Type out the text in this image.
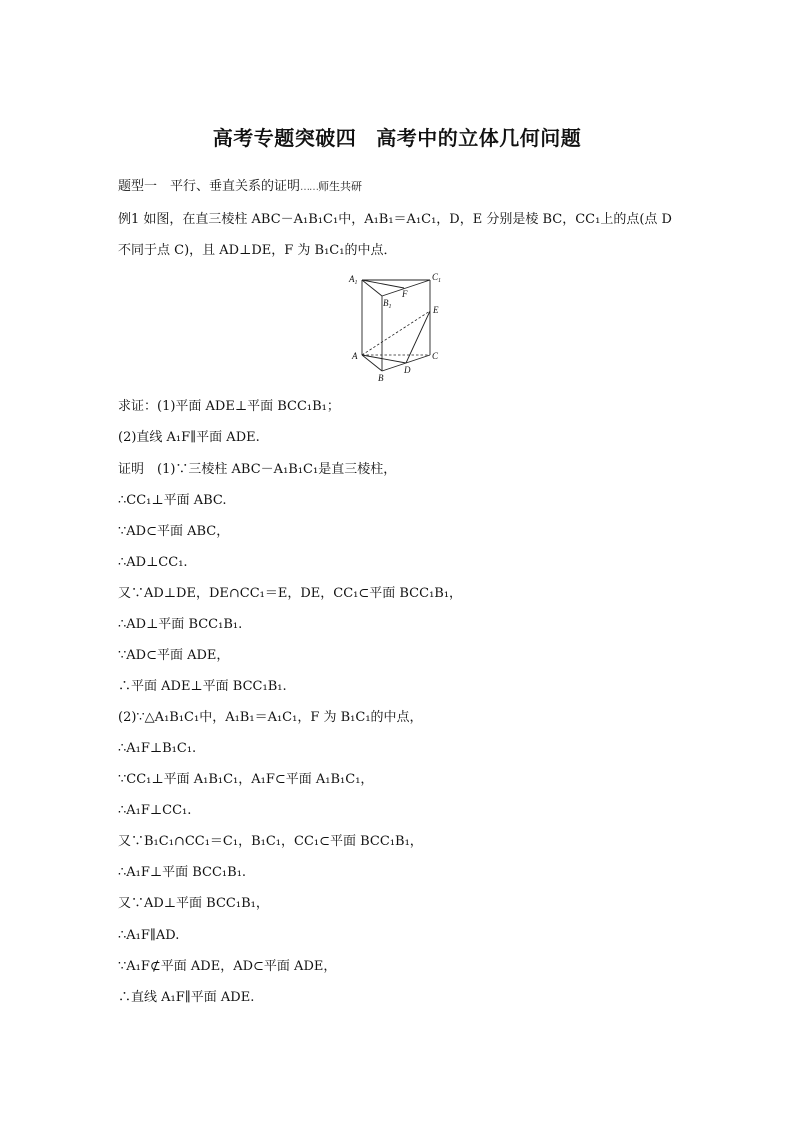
高考专题突破四 高考中的立体几何问题
题型一　平行、垂直关系的证明……师生共研
例1 如图，在直三棱柱 ABC－A₁B₁C₁中，A₁B₁＝A₁C₁，D，E 分别是棱 BC，CC₁上的点(点 D
不同于点 C)，且 AD⊥DE，F 为 B₁C₁的中点．
$A_1$
$C_1$
$B_1$
F
E
A	C
B
D
求证：(1)平面 ADE⊥平面 BCC₁B₁；
(2)直线 A₁F∥平面 ADE.
证明　(1)∵三棱柱 ABC－A₁B₁C₁是直三棱柱，
∴CC₁⊥平面 ABC.
∵AD⊂平面 ABC，
∴AD⊥CC₁.
又∵AD⊥DE，DE∩CC₁＝E，DE，CC₁⊂平面 BCC₁B₁，
∴AD⊥平面 BCC₁B₁.
∵AD⊂平面 ADE，
∴平面 ADE⊥平面 BCC₁B₁.
(2)∵△A₁B₁C₁中，A₁B₁＝A₁C₁，F 为 B₁C₁的中点，
∴A₁F⊥B₁C₁.
∵CC₁⊥平面 A₁B₁C₁，A₁F⊂平面 A₁B₁C₁，
∴A₁F⊥CC₁.
又∵B₁C₁∩CC₁＝C₁，B₁C₁，CC₁⊂平面 BCC₁B₁，
∴A₁F⊥平面 BCC₁B₁.
又∵AD⊥平面 BCC₁B₁，
∴A₁F∥AD.
∵A₁F⊄平面 ADE，AD⊂平面 ADE，
∴直线 A₁F∥平面 ADE.
